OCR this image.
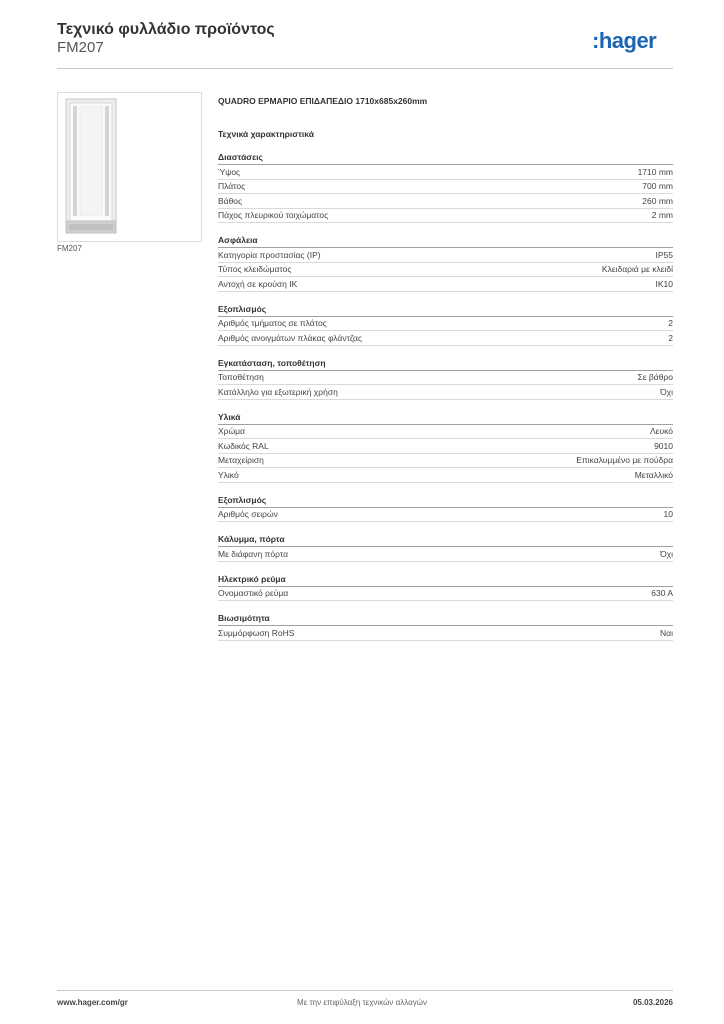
Τεχνικό φυλλάδιο προϊόντος
FM207	:hager
FM207
QUADRO ΕΡΜΑΡΙΟ ΕΠΙΔΑΠΕΔΙΟ 1710x685x260mm
Τεχνικά χαρακτηριστικά
Διαστάσεις
Ύψος	1710 mm
Πλάτος	700 mm
Βάθος	260 mm
Πάχος πλευρικού τοιχώματος	2 mm
Ασφάλεια
Κατηγορία προστασίας (IP)	IP55
Τύπος κλειδώματος	Κλειδαριά με κλειδί
Αντοχή σε κρούση IK	IK10
Εξοπλισμός
Αριθμός τμήματος σε πλάτος	2
Αριθμός ανοιγμάτων πλάκας φλάντζας	2
Εγκατάσταση, τοποθέτηση
Τοποθέτηση	Σε βάθρο
Κατάλληλο για εξωτερική χρήση	Όχι
Υλικά
Χρώμα	Λευκό
Κωδικός RAL	9010
Μεταχείριση	Επικαλυμμένο με πούδρα
Υλικό	Μεταλλικό
Εξοπλισμός
Αριθμός σειρών	10
Κάλυμμα, πόρτα
Με διάφανη πόρτα	Όχι
Ηλεκτρικό ρεύμα
Ονομαστικό ρεύμα	630 A
Βιωσιμότητα
Συμμόρφωση RoHS	Ναι
www.hager.com/gr	Με την επιφύλαξη τεχνικών αλλαγών	05.03.2026
